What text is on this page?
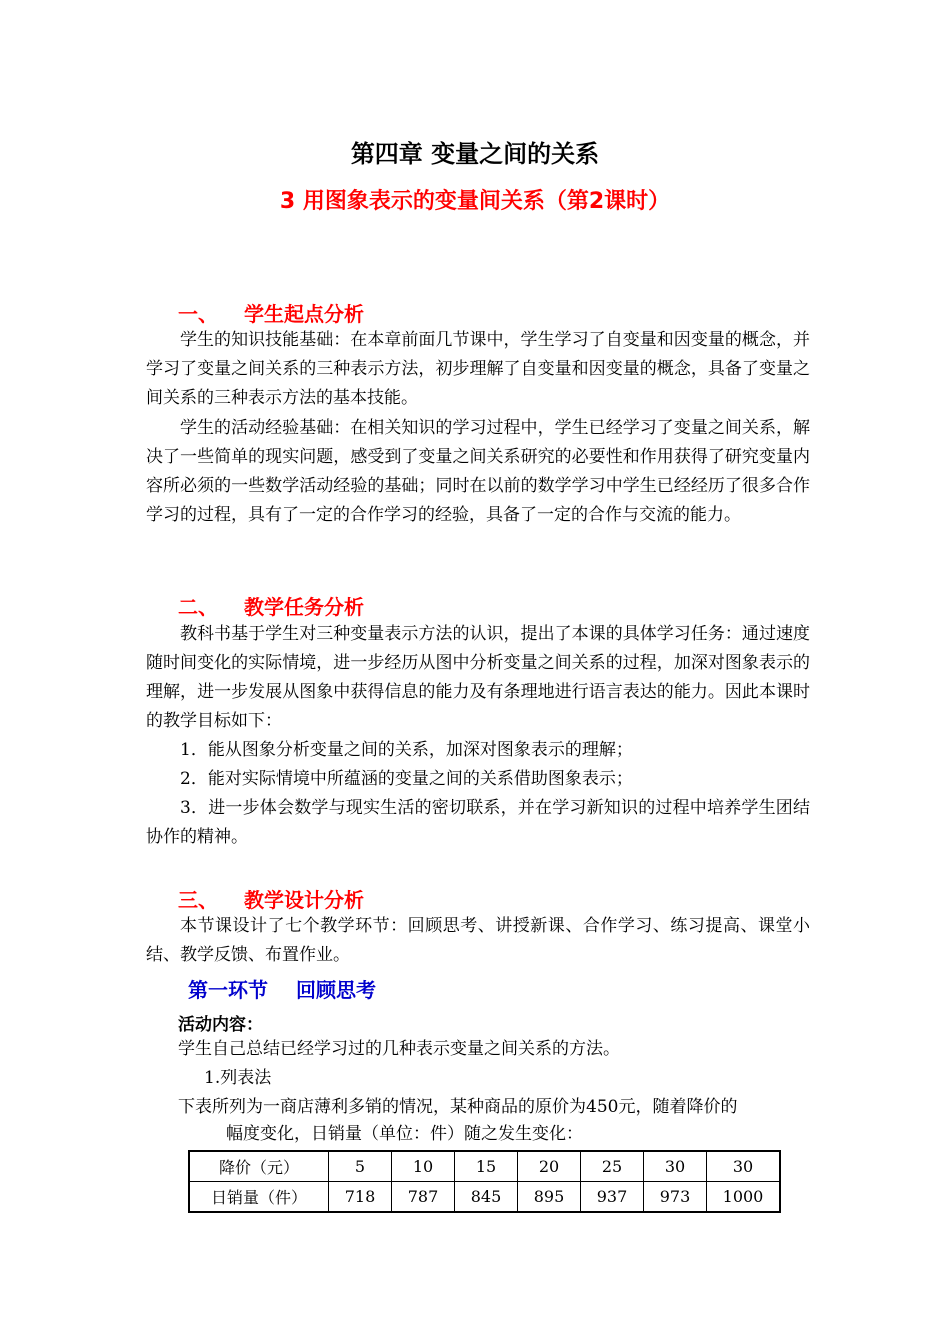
第四章 变量之间的关系
3 用图象表示的变量间关系（第2课时）
一、 学生起点分析

学生的知识技能基础：在本章前面几节课中，学生学习了自变量和因变量的概念，并学习了变量之间关系的三种表示方法，初步理解了自变量和因变量的概念，具备了变量之间关系的三种表示方法的基本技能。

学生的活动经验基础：在相关知识的学习过程中，学生已经学习了变量之间关系，解决了一些简单的现实问题，感受到了变量之间关系研究的必要性和作用获得了研究变量内容所必须的一些数学活动经验的基础；同时在以前的数学学习中学生已经经历了很多合作学习的过程，具有了一定的合作学习的经验，具备了一定的合作与交流的能力。

二、 教学任务分析

教科书基于学生对三种变量表示方法的认识，提出了本课的具体学习任务：通过速度随时间变化的实际情境，进一步经历从图中分析变量之间关系的过程，加深对图象表示的理解，进一步发展从图象中获得信息的能力及有条理地进行语言表达的能力。因此本课时的教学目标如下：

1．能从图象分析变量之间的关系，加深对图象表示的理解；

2．能对实际情境中所蕴涵的变量之间的关系借助图象表示；

3．进一步体会数学与现实生活的密切联系，并在学习新知识的过程中培养学生团结协作的精神。

三、 教学设计分析

本节课设计了七个教学环节：回顾思考、讲授新课、合作学习、练习提高、课堂小结、教学反馈、布置作业。

第一环节 回顾思考
活动内容：

学生自己总结已经学习过的几种表示变量之间关系的方法。

1.列表法

下表所列为一商店薄利多销的情况，某种商品的原价为450元，随着降价的

幅度变化，日销量（单位：件）随之发生变化：

降价（元）	5	10	15	20	25	30	30
日销量（件）	718	787	845	895	937	973	1000
